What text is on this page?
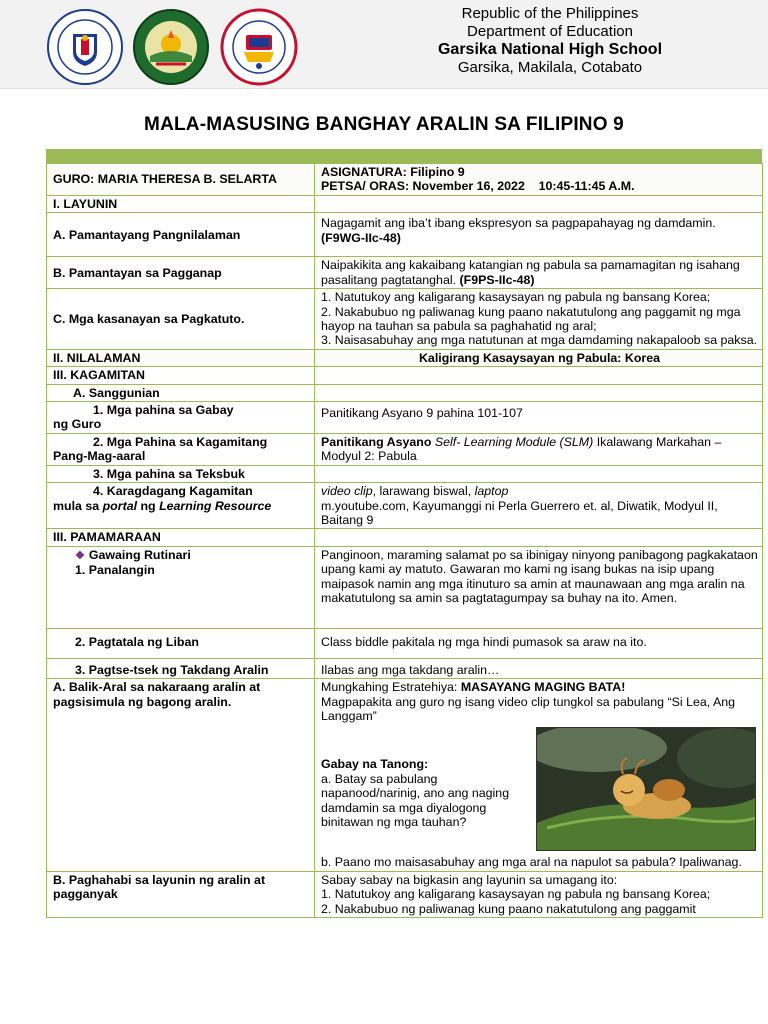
Republic of the Philippines
Department of Education
Garsika National High School
Garsika, Makilala, Cotabato
MALA-MASUSING BANGHAY ARALIN SA FILIPINO 9
GURO: MARIA THERESA B. SELARTA	ASIGNATURA: Filipino 9
PETSA/ ORAS: November 16, 2022    10:45-11:45 A.M.

I. LAYUNIN	
A. Pamantayang Pangnilalaman	Nagagamit ang iba’t ibang ekspresyon sa pagpapahayag ng damdamin. (F9WG-IIc-48)
B. Pamantayan sa Pagganap	Naipakikita ang kakaibang katangian ng pabula sa pamamagitan ng isahang pasalitang pagtatanghal. (F9PS-IIc-48)
C. Mga kasanayan sa Pagkatuto.	1. Natutukoy ang kaligarang kasaysayan ng pabula ng bansang Korea;
2. Nakabubuo ng paliwanag kung paano nakatutulong ang paggamit ng mga hayop na tauhan sa pabula sa paghahatid ng aral;
3. Naisasabuhay ang mga natutunan at mga damdaming nakapaloob sa paksa.

II. NILALAMAN	Kaligirang Kasaysayan ng Pabula: Korea
III. KAGAMITAN	
A. Sanggunian	
1. Mga pahina sa Gabay
ng Guro	Panitikang Asyano 9 pahina 101-107
2. Mga Pahina sa Kagamitang
Pang-Mag-aaral	Panitikang Asyano Self- Learning Module (SLM) Ikalawang Markahan – Modyul 2: Pabula
3. Mga pahina sa Teksbuk	
4. Karagdagang Kagamitan
mula sa portal ng Learning Resource	video clip, larawang biswal, laptop
m.youtube.com, Kayumanggi ni Perla Guerrero et. al, Diwatik, Modyul II, Baitang 9
III. PAMAMARAAN	

❖ Gawaing Rutinari
1. Panalangin	Panginoon, maraming salamat po sa ibinigay ninyong panibagong pagkakataon upang kami ay matuto. Gawaran mo kami ng isang bukas na isip upang maipasok namin ang mga itinuturo sa amin at maunawaan ang mga aralin na makatutulong sa amin sa pagtatagumpay sa buhay na ito. Amen.

2. Pagtatala ng Liban	Class biddle pakitala ng mga hindi pumasok sa araw na ito.

3. Pagtse-tsek ng Takdang Aralin	Ilabas ang mga takdang aralin…
A. Balik-Aral sa nakaraang aralin at pagsisimula ng bagong aralin.	Mungkahing Estratehiya: MASAYANG MAGING BATA!
Magpapakita ang guro ng isang video clip tungkol sa pabulang “Si Lea, Ang Langgam”
Gabay na Tanong:
a. Batay sa pabulang napanood/narinig, ano ang naging damdamin sa mga diyalogong binitawan ng mga tauhan?
b. Paano mo maisasabuhay ang mga aral na napulot sa pabula? Ipaliwanag.

B. Paghahabi sa layunin ng aralin at pagganyak	Sabay sabay na bigkasin ang layunin sa umagang ito:
1. Natutukoy ang kaligarang kasaysayan ng pabula ng bansang Korea;
2. Nakabubuo ng paliwanag kung paano nakatutulong ang paggamit
